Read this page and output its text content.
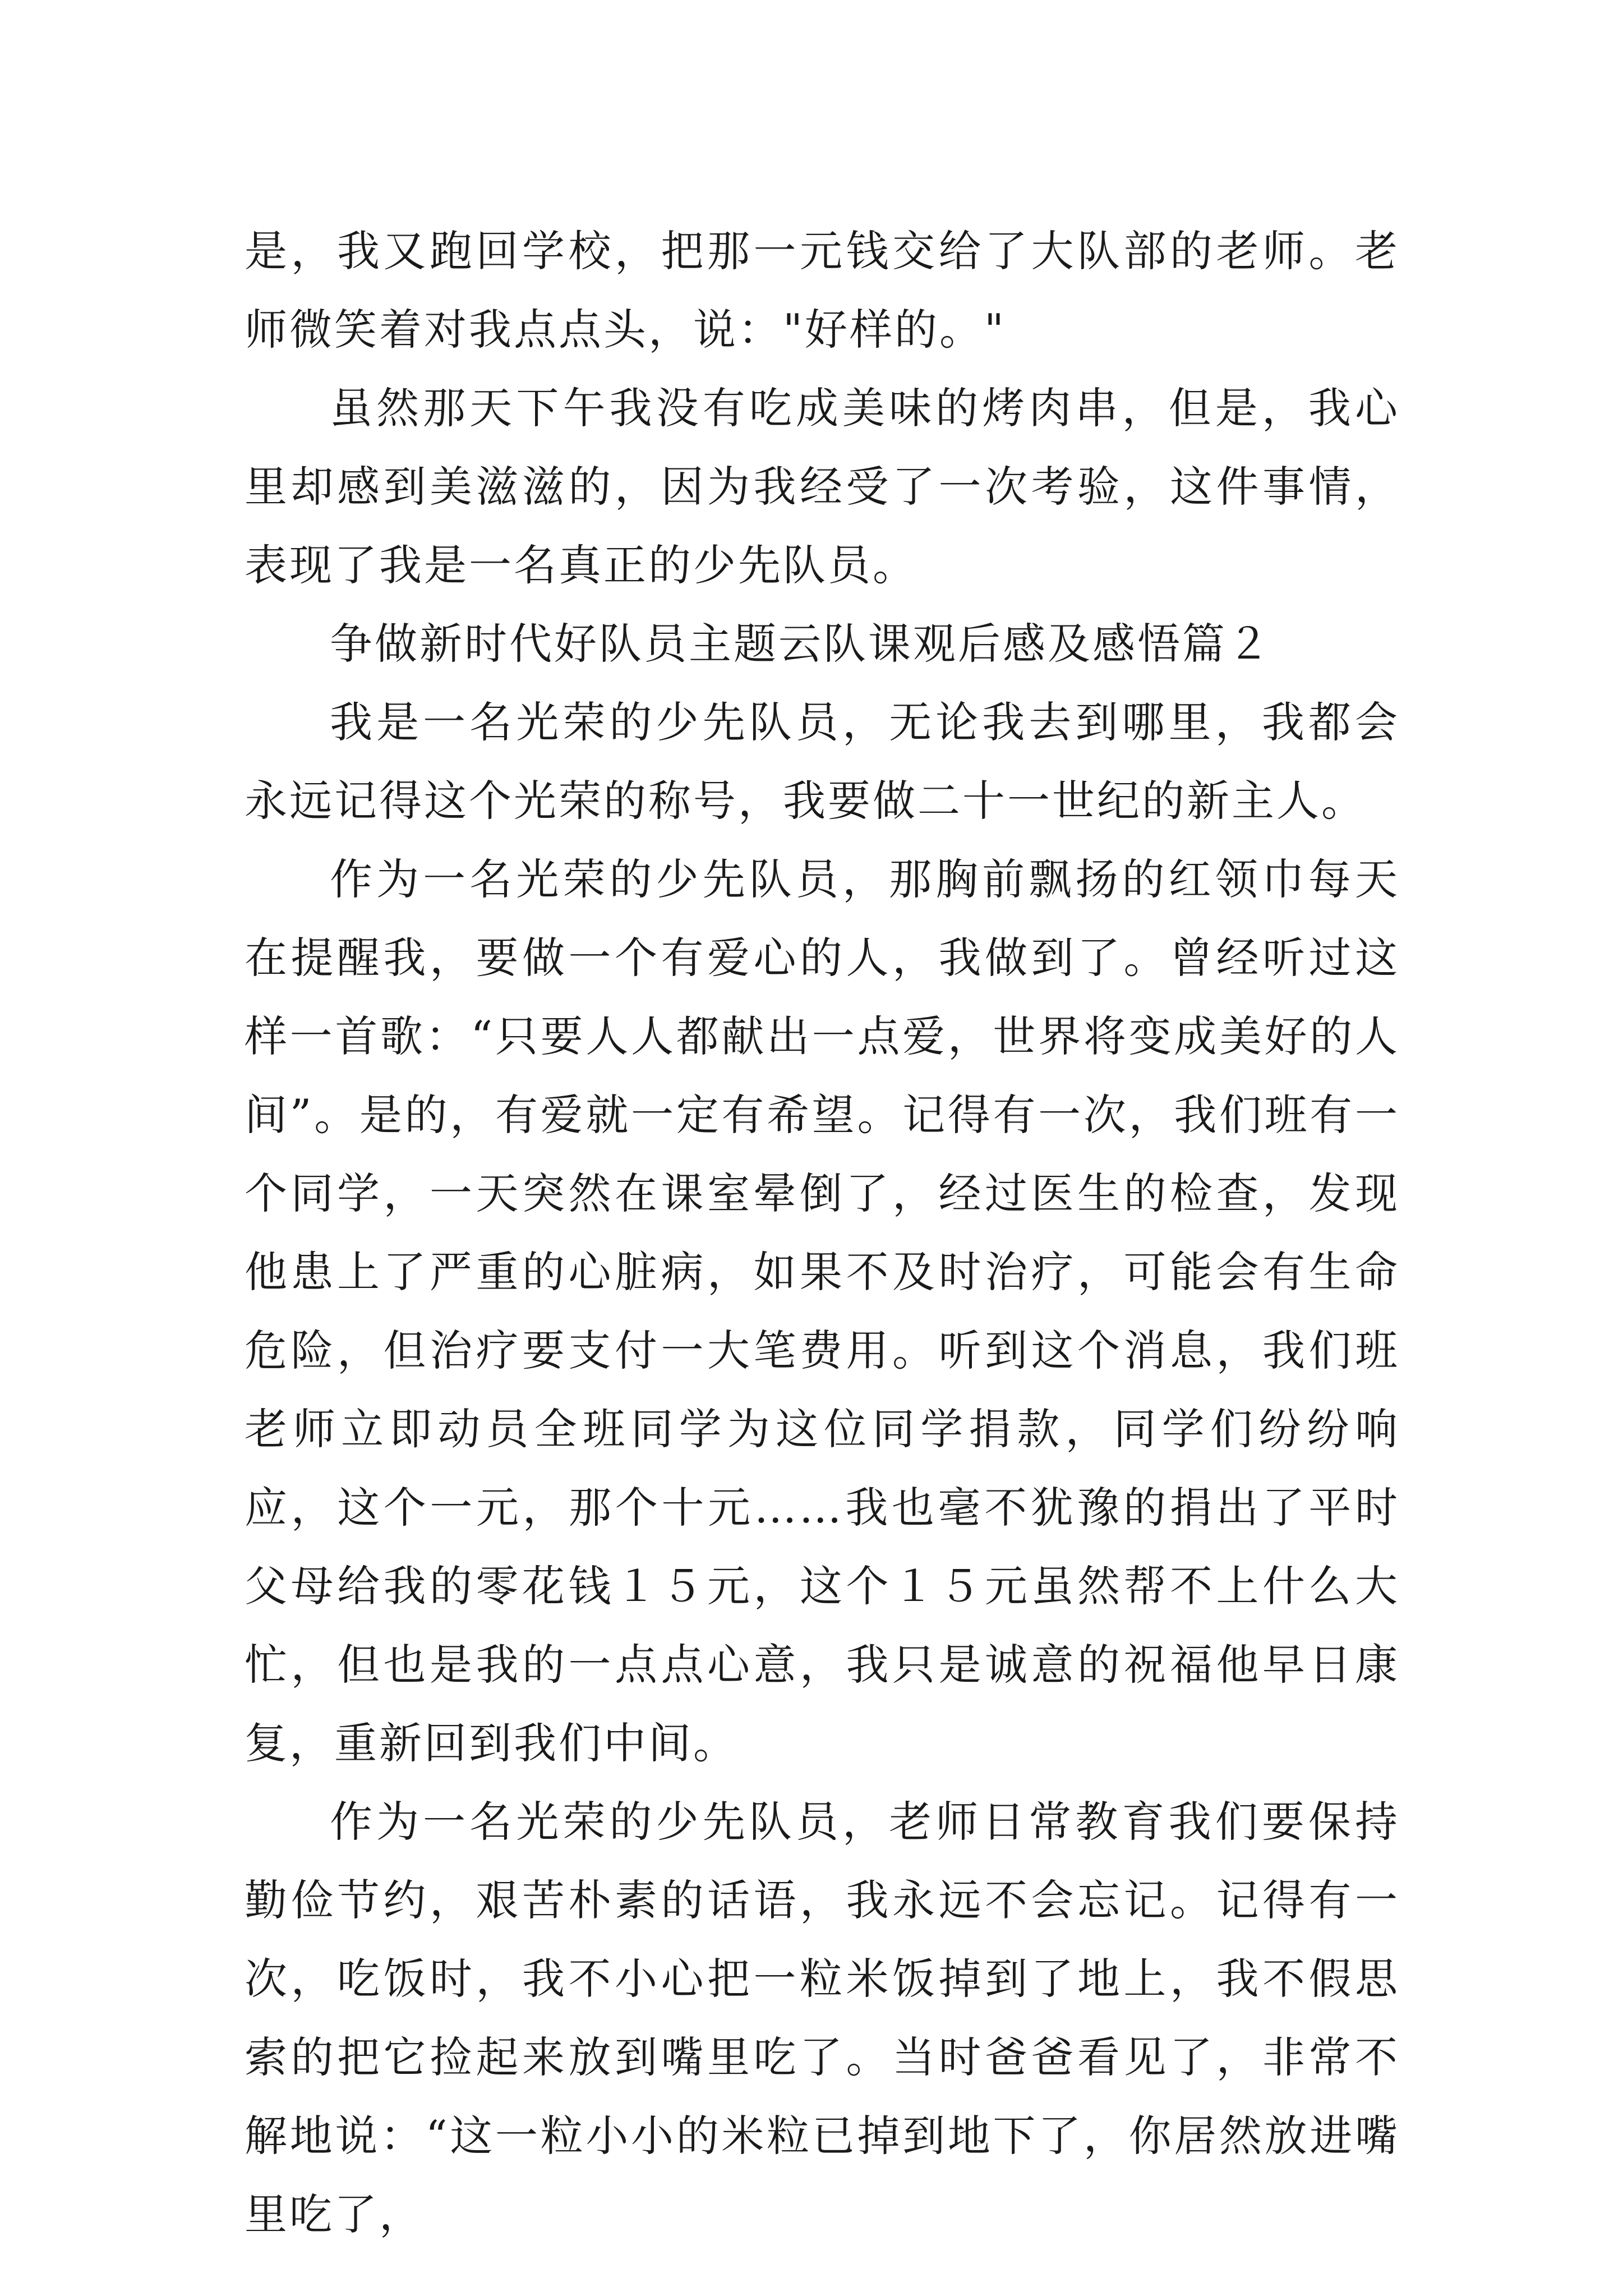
是，我又跑回学校，把那一元钱交给了大队部的老师。老师微笑着对我点点头，说："好样的。"

虽然那天下午我没有吃成美味的烤肉串，但是，我心里却感到美滋滋的，因为我经受了一次考验，这件事情，表现了我是一名真正的少先队员。

争做新时代好队员主题云队课观后感及感悟篇２

我是一名光荣的少先队员，无论我去到哪里，我都会永远记得这个光荣的称号，我要做二十一世纪的新主人。

作为一名光荣的少先队员，那胸前飘扬的红领巾每天在提醒我，要做一个有爱心的人，我做到了。曾经听过这样一首歌：“只要人人都献出一点爱，世界将变成美好的人间”。是的，有爱就一定有希望。记得有一次，我们班有一个同学，一天突然在课室晕倒了，经过医生的检查，发现他患上了严重的心脏病，如果不及时治疗，可能会有生命危险，但治疗要支付一大笔费用。听到这个消息，我们班老师立即动员全班同学为这位同学捐款，同学们纷纷响应，这个一元，那个十元……我也毫不犹豫的捐出了平时父母给我的零花钱１５元，这个１５元虽然帮不上什么大忙，但也是我的一点点心意，我只是诚意的祝福他早日康复，重新回到我们中间。

作为一名光荣的少先队员，老师日常教育我们要保持勤俭节约，艰苦朴素的话语，我永远不会忘记。记得有一次，吃饭时，我不小心把一粒米饭掉到了地上，我不假思索的把它捡起来放到嘴里吃了。当时爸爸看见了，非常不解地说：“这一粒小小的米粒已掉到地下了，你居然放进嘴里吃了，
